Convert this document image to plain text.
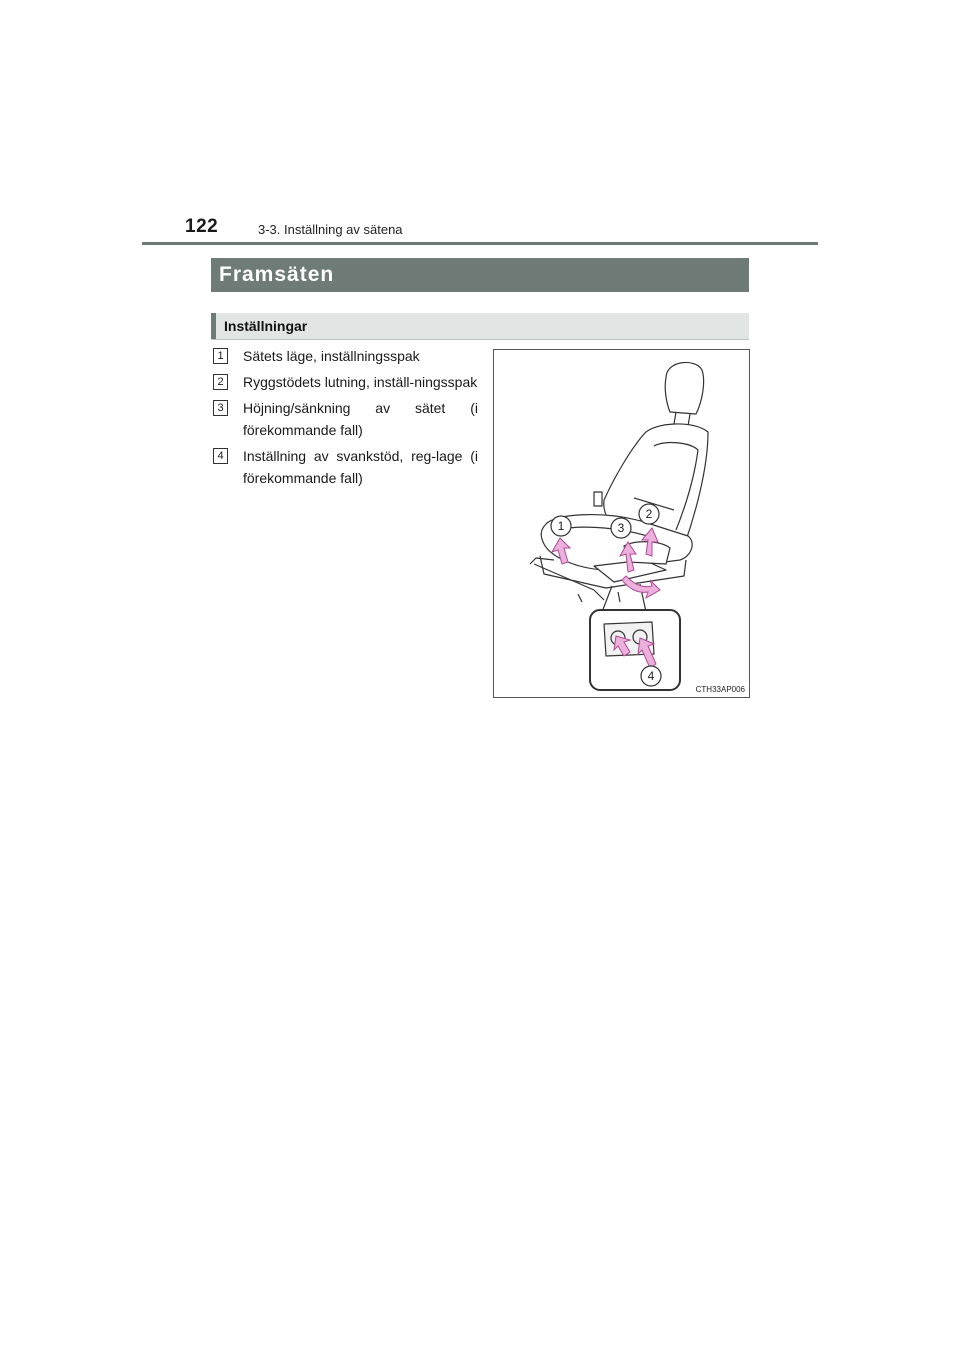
122	3-3. Inställning av sätena
Framsäten
Inställningar
1	Sätets läge, inställningsspak
2	Ryggstödets lutning, inställ-ningsspak
3	Höjning/sänkning av sätet (i förekommande fall)
4	Inställning av svankstöd, reg-lage (i förekommande fall)
1
2
3
4
CTH33AP006
